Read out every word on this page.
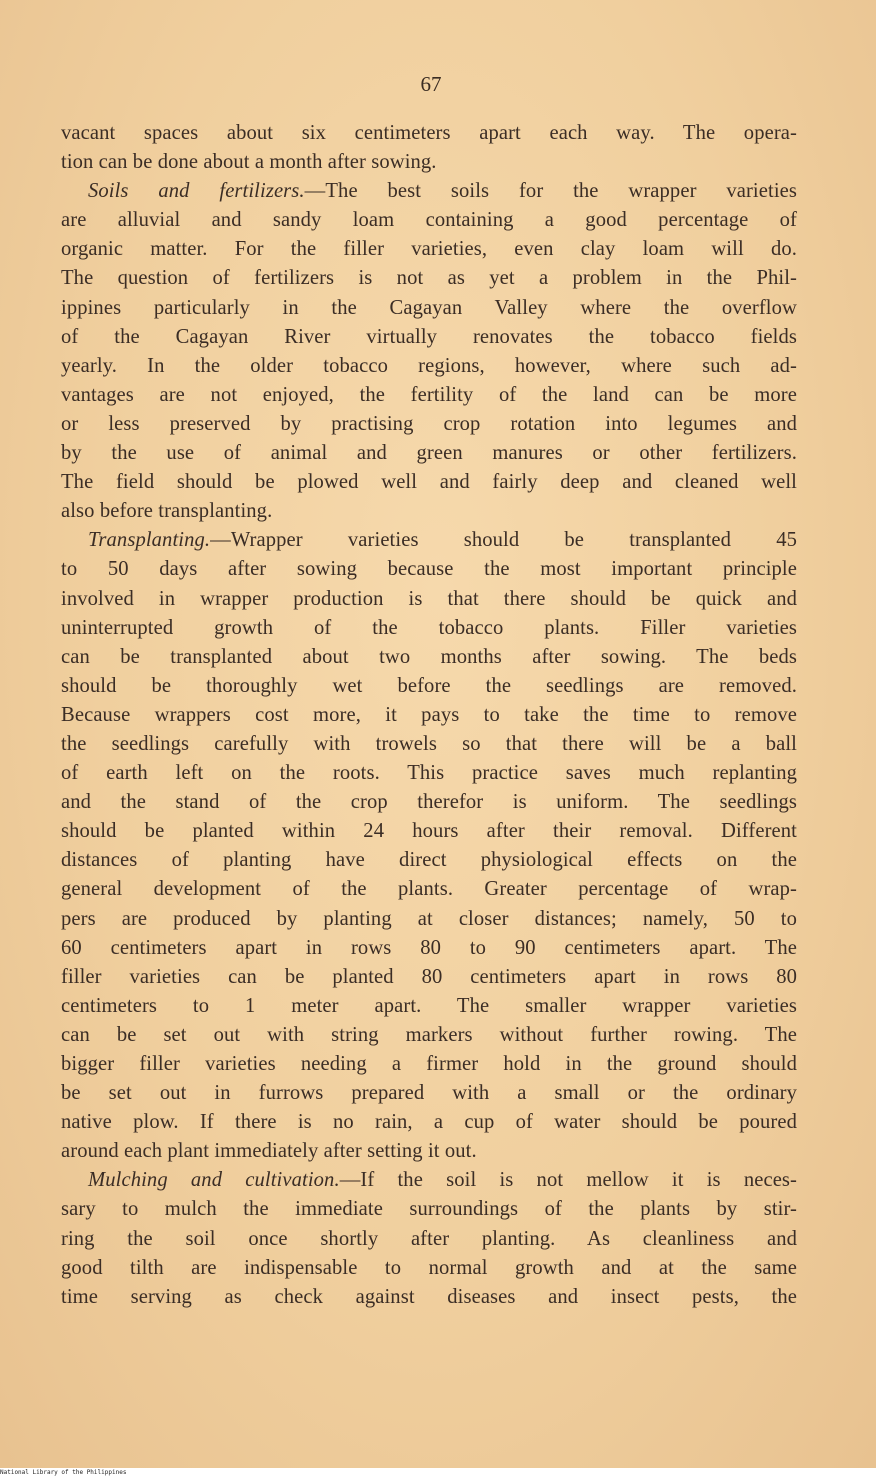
67
vacant spaces about six centimeters apart each way. The opera-
tion can be done about a month after sowing.
Soils and fertilizers.—The best soils for the wrapper varieties
are alluvial and sandy loam containing a good percentage of
organic matter. For the filler varieties, even clay loam will do.
The question of fertilizers is not as yet a problem in the Phil-
ippines particularly in the Cagayan Valley where the overflow
of the Cagayan River virtually renovates the tobacco fields
yearly. In the older tobacco regions, however, where such ad-
vantages are not enjoyed, the fertility of the land can be more
or less preserved by practising crop rotation into legumes and
by the use of animal and green manures or other fertilizers.
The field should be plowed well and fairly deep and cleaned well
also before transplanting.
Transplanting.—Wrapper varieties should be transplanted 45
to 50 days after sowing because the most important principle
involved in wrapper production is that there should be quick and
uninterrupted growth of the tobacco plants. Filler varieties
can be transplanted about two months after sowing. The beds
should be thoroughly wet before the seedlings are removed.
Because wrappers cost more, it pays to take the time to remove
the seedlings carefully with trowels so that there will be a ball
of earth left on the roots. This practice saves much replanting
and the stand of the crop therefor is uniform. The seedlings
should be planted within 24 hours after their removal. Different
distances of planting have direct physiological effects on the
general development of the plants. Greater percentage of wrap-
pers are produced by planting at closer distances; namely, 50 to
60 centimeters apart in rows 80 to 90 centimeters apart. The
filler varieties can be planted 80 centimeters apart in rows 80
centimeters to 1 meter apart. The smaller wrapper varieties
can be set out with string markers without further rowing. The
bigger filler varieties needing a firmer hold in the ground should
be set out in furrows prepared with a small or the ordinary
native plow. If there is no rain, a cup of water should be poured
around each plant immediately after setting it out.
Mulching and cultivation.—If the soil is not mellow it is neces-
sary to mulch the immediate surroundings of the plants by stir-
ring the soil once shortly after planting. As cleanliness and
good tilth are indispensable to normal growth and at the same
time serving as check against diseases and insect pests, the
National Library of the Philippines
